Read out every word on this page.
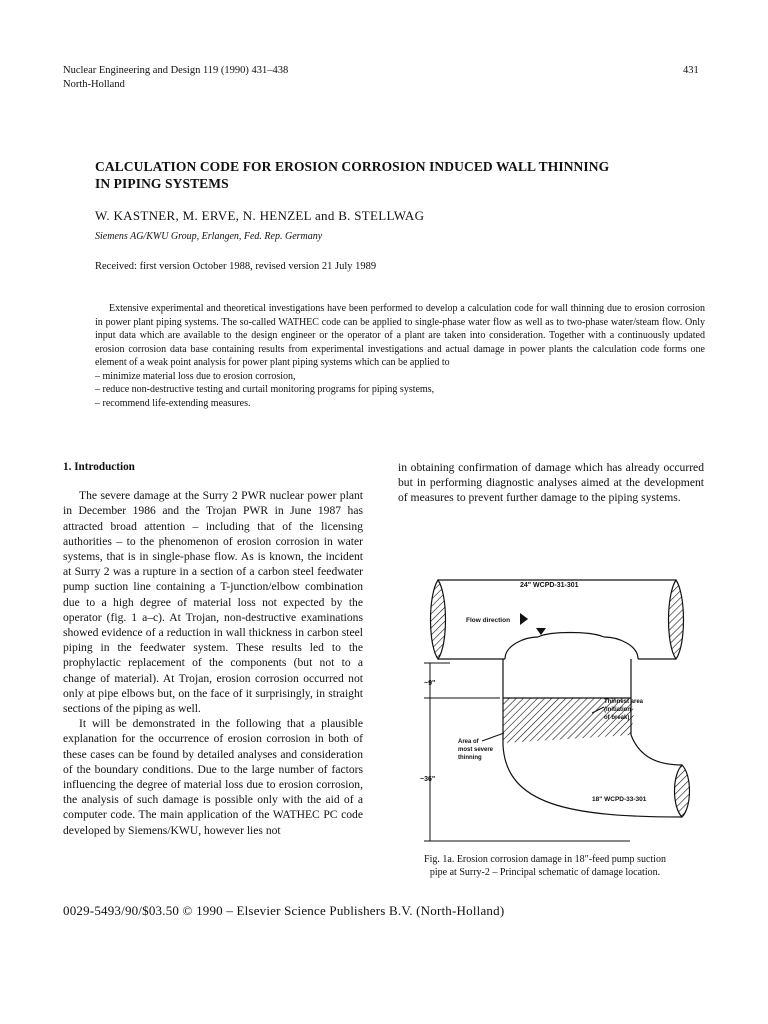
Nuclear Engineering and Design 119 (1990) 431–438
North-Holland
431
CALCULATION CODE FOR EROSION CORROSION INDUCED WALL THINNING
IN PIPING SYSTEMS
W. KASTNER, M. ERVE, N. HENZEL and B. STELLWAG
Siemens AG/KWU Group, Erlangen, Fed. Rep. Germany
Received: first version October 1988, revised version 21 July 1989

Extensive experimental and theoretical investigations have been performed to develop a calculation code for wall thinning due to erosion corrosion in power plant piping systems. The so-called WATHEC code can be applied to single-phase water flow as well as to two-phase water/steam flow. Only input data which are available to the design engineer or the operator of a plant are taken into consideration. Together with a continuously updated erosion corrosion data base containing results from experimental investigations and actual damage in power plants the calculation code forms one element of a weak point analysis for power plant piping systems which can be applied to

– minimize material loss due to erosion corrosion,
– reduce non-destructive testing and curtail monitoring programs for piping systems,
– recommend life-extending measures.

1. Introduction

The severe damage at the Surry 2 PWR nuclear power plant in December 1986 and the Trojan PWR in June 1987 has attracted broad attention – including that of the licensing authorities – to the phenomenon of erosion corrosion in water systems, that is in single-phase flow. As is known, the incident at Surry 2 was a rupture in a section of a carbon steel feedwater pump suction line containing a T-junction/elbow combination due to a high degree of material loss not expected by the operator (fig. 1 a–c). At Trojan, non-destructive examinations showed evidence of a reduction in wall thickness in carbon steel piping in the feedwater system. These results led to the prophylactic replacement of the components (but not to a change of material). At Trojan, erosion corrosion occurred not only at pipe elbows but, on the face of it surprisingly, in straight sections of the piping as well.

It will be demonstrated in the following that a plausible explanation for the occurrence of erosion corrosion in both of these cases can be found by detailed analyses and consideration of the boundary conditions. Due to the large number of factors influencing the degree of material loss due to erosion corrosion, the analysis of such damage is possible only with the aid of a computer code. The main application of the WATHEC PC code developed by Siemens/KWU, however lies not

in obtaining confirmation of damage which has already occurred but in performing diagnostic analyses aimed at the development of measures to prevent further damage to the piping systems.

24" WCPD-31-301
Flow direction
~9"
~36"
Thinnest area
(initiation
of break)
Area of
most severe
thinning
18" WCPD-33-301
Fig. 1a. Erosion corrosion damage in 18″-feed pump suction
pipe at Surry-2 – Principal schematic of damage location.
0029-5493/90/$03.50 © 1990 – Elsevier Science Publishers B.V. (North-Holland)
